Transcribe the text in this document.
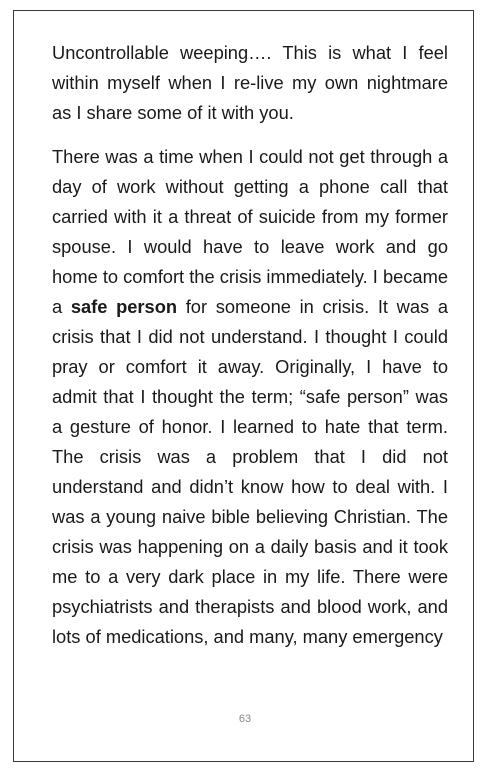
Uncontrollable weeping…. This is what I feel within myself when I re-live my own nightmare as I share some of it with you.

There was a time when I could not get through a day of work without getting a phone call that carried with it a threat of suicide from my former spouse. I would have to leave work and go home to comfort the crisis immediately. I became a safe person for someone in crisis. It was a crisis that I did not understand. I thought I could pray or comfort it away. Originally, I have to admit that I thought the term; “safe person” was a gesture of honor. I learned to hate that term. The crisis was a problem that I did not understand and didn’t know how to deal with. I was a young naive bible believing Christian. The crisis was happening on a daily basis and it took me to a very dark place in my life. There were psychiatrists and therapists and blood work, and lots of medications, and many, many emergency

63
